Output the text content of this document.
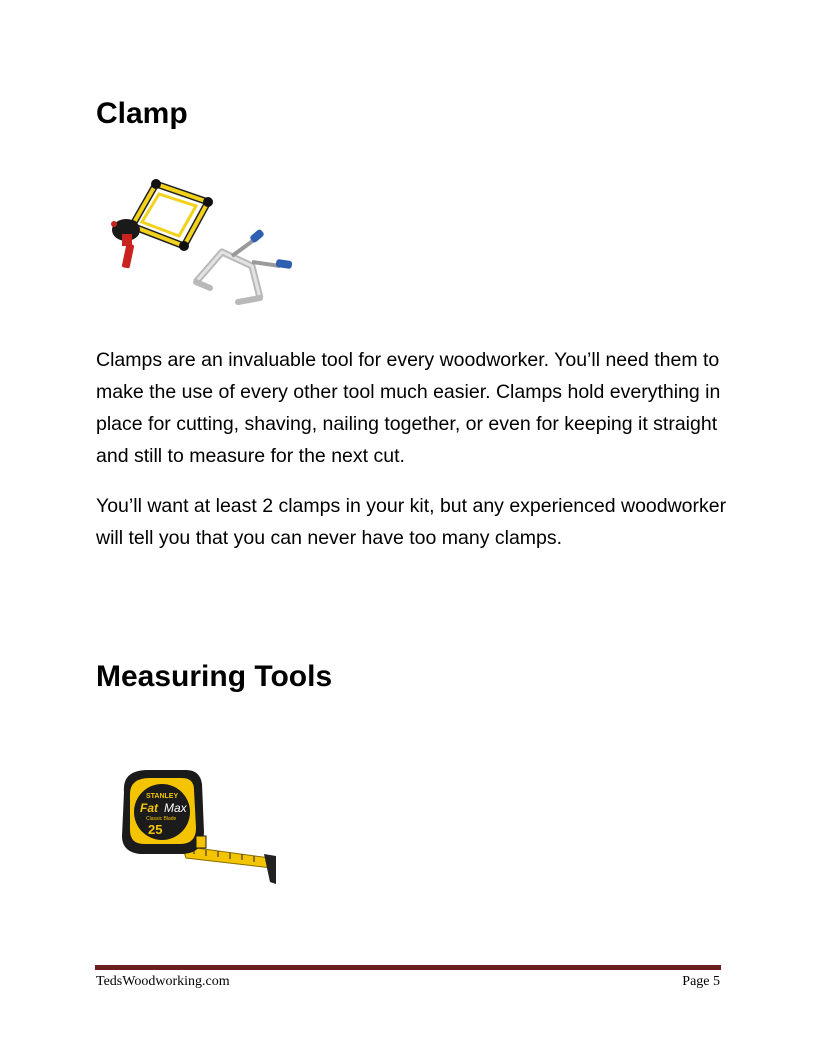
Clamp

Clamps are an invaluable tool for every woodworker. You’ll need them to make the use of every other tool much easier. Clamps hold everything in place for cutting, shaving, nailing together, or even for keeping it straight and still to measure for the next cut.

You’ll want at least 2 clamps in your kit, but any experienced woodworker will tell you that you can never have too many clamps.

Measuring Tools
STANLEY
Fat Max
Classic Blade
25
TedsWoodworking.com	Page 5
